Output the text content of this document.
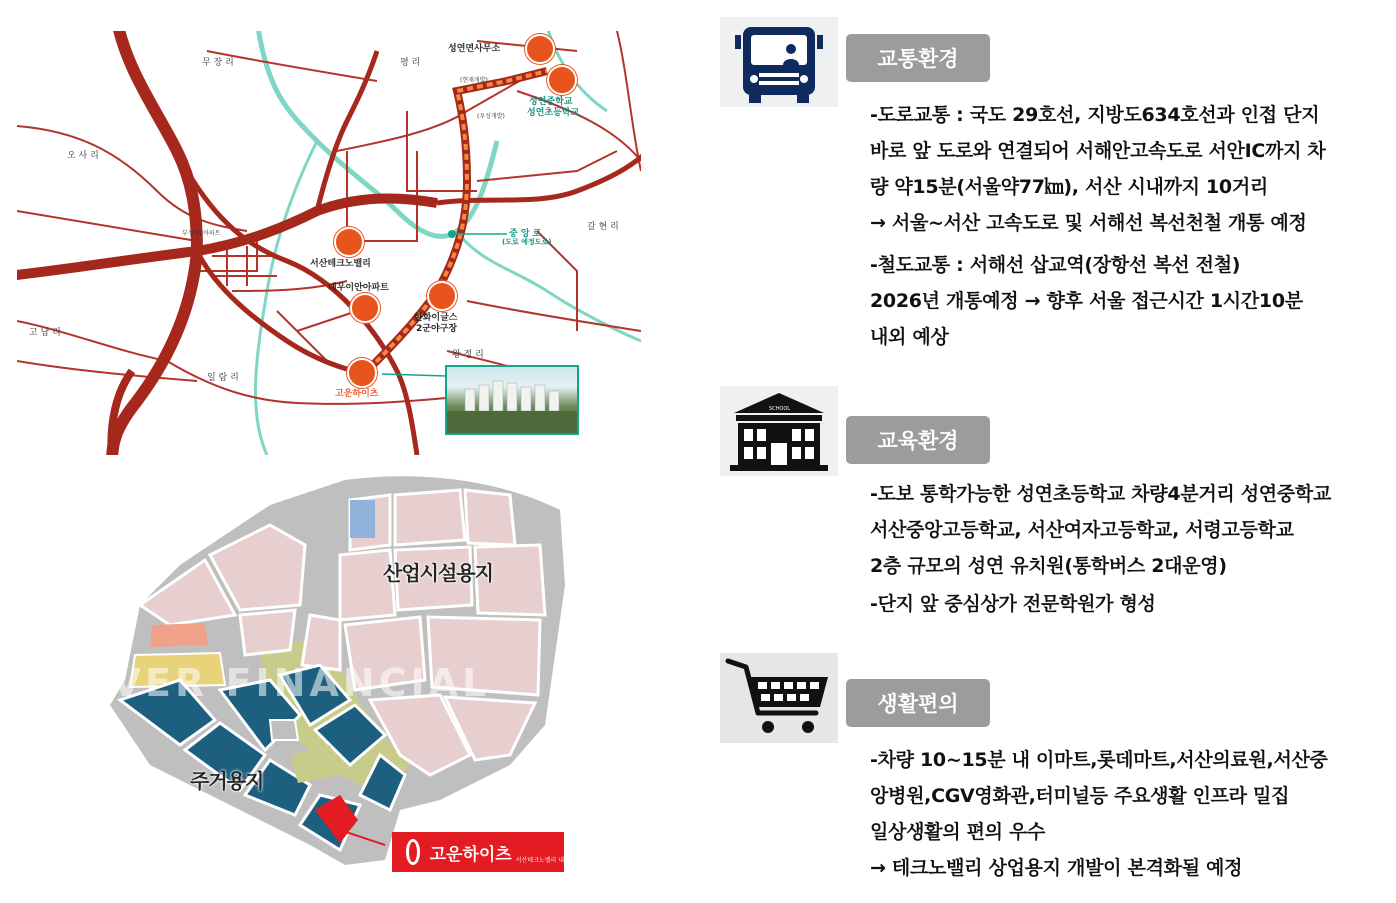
무 장 리	평 리
성연면사무소
(현재개발)
성연중학교
성연초등학교
(우성개발)
오 사 리
갈 현 리
중 앙 로
(도로 예정도로)
부성제2아파트
서산테크노밸리
대우이안아파트
한화이글스
2군야구장
고 남 리
왕 정 리
일 람 리
고운하이츠
NAVER FINANCIAL
산업시설용지
주거용지
고운하이츠 서산테크노밸리 내
교통환경
-도로교통 : 국도 29호선, 지방도634호선과 인접 단지
바로 앞 도로와 연결되어 서해안고속도로 서안IC까지 차
량 약15분(서울약77㎞), 서산 시내까지 10거리
→ 서울~서산 고속도로 및 서해선 복선천철 개통 예정
-철도교통 : 서해선 삽교역(장항선 복선 전철)
2026년 개통예정 → 향후 서울 접근시간 1시간10분
내외 예상
SCHOOL
교육환경
-도보 통학가능한 성연초등학교 차량4분거리 성연중학교
서산중앙고등학교, 서산여자고등학교, 서령고등학교
2층 규모의 성연 유치원(통학버스 2대운영)
-단지 앞 중심상가 전문학원가 형성
생활편의
-차량 10~15분 내 이마트,롯데마트,서산의료원,서산중
앙병원,CGV영화관,터미널등 주요생활 인프라 밀집
일상생활의 편의 우수
→ 테크노밸리 상업용지 개발이 본격화될 예정
